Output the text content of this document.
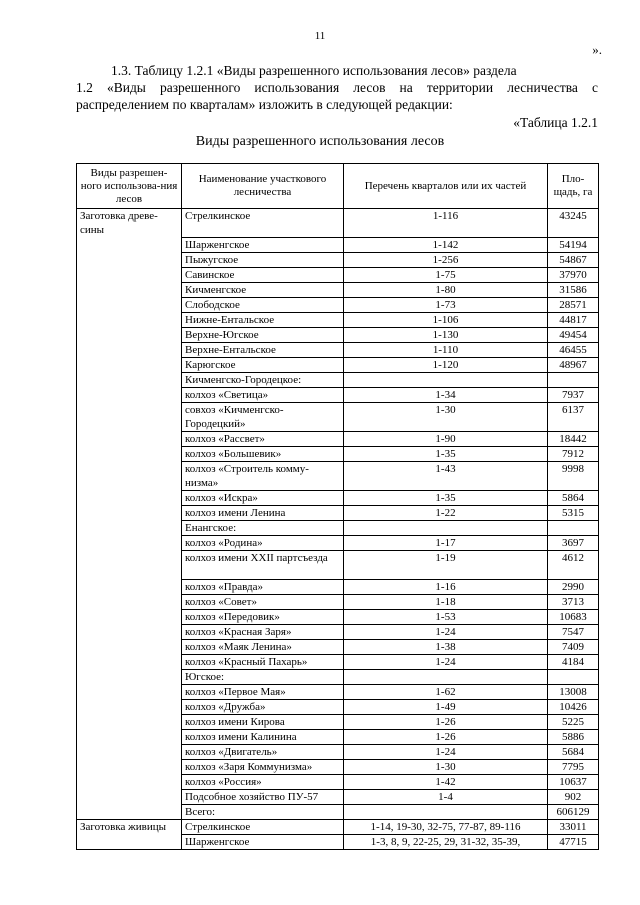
11
».
1.3. Таблицу 1.2.1 «Виды разрешенного использования лесов» раздела
1.2 «Виды разрешенного использования лесов на территории лесничества с распределением по кварталам» изложить в следующей редакции:
«Таблица 1.2.1
Виды разрешенного использования лесов
Виды разрешен-ного использова-ния лесов	Наименование участкового лесничества	Перечень кварталов или их частей	Пло-щадь, га
Заготовка древе-сины	Стрелкинское	1-116	43245
	Шарженгское	1-142	54194
	Пыжугское	1-256	54867
	Савинское	1-75	37970
	Кичменгское	1-80	31586
	Слободское	1-73	28571
	Нижне-Ентальское	1-106	44817
	Верхне-Югское	1-130	49454
	Верхне-Ентальское	1-110	46455
	Карюгское	1-120	48967
	Кичменгско-Городецкое:		
	колхоз «Светица»	1-34	7937
	совхоз «Кичменгско-Городецкий»	1-30	6137
	колхоз «Рассвет»	1-90	18442
	колхоз «Большевик»	1-35	7912
	колхоз «Строитель комму-низма»	1-43	9998
	колхоз «Искра»	1-35	5864
	колхоз имени Ленина	1-22	5315
	Енангское:		
	колхоз «Родина»	1-17	3697
	колхоз имени XXII партсъезда	1-19	4612
	колхоз «Правда»	1-16	2990
	колхоз «Совет»	1-18	3713
	колхоз «Передовик»	1-53	10683
	колхоз «Красная Заря»	1-24	7547
	колхоз «Маяк Ленина»	1-38	7409
	колхоз «Красный Пахарь»	1-24	4184
	Югское:		
	колхоз «Первое Мая»	1-62	13008
	колхоз «Дружба»	1-49	10426
	колхоз имени Кирова	1-26	5225
	колхоз имени Калинина	1-26	5886
	колхоз «Двигатель»	1-24	5684
	колхоз «Заря Коммунизма»	1-30	7795
	колхоз «Россия»	1-42	10637
	Подсобное хозяйство ПУ-57	1-4	902
	Всего:		606129
Заготовка живицы	Стрелкинское	1-14, 19-30, 32-75, 77-87, 89-116	33011
	Шарженгское	1-3, 8, 9, 22-25, 29, 31-32, 35-39,	47715
